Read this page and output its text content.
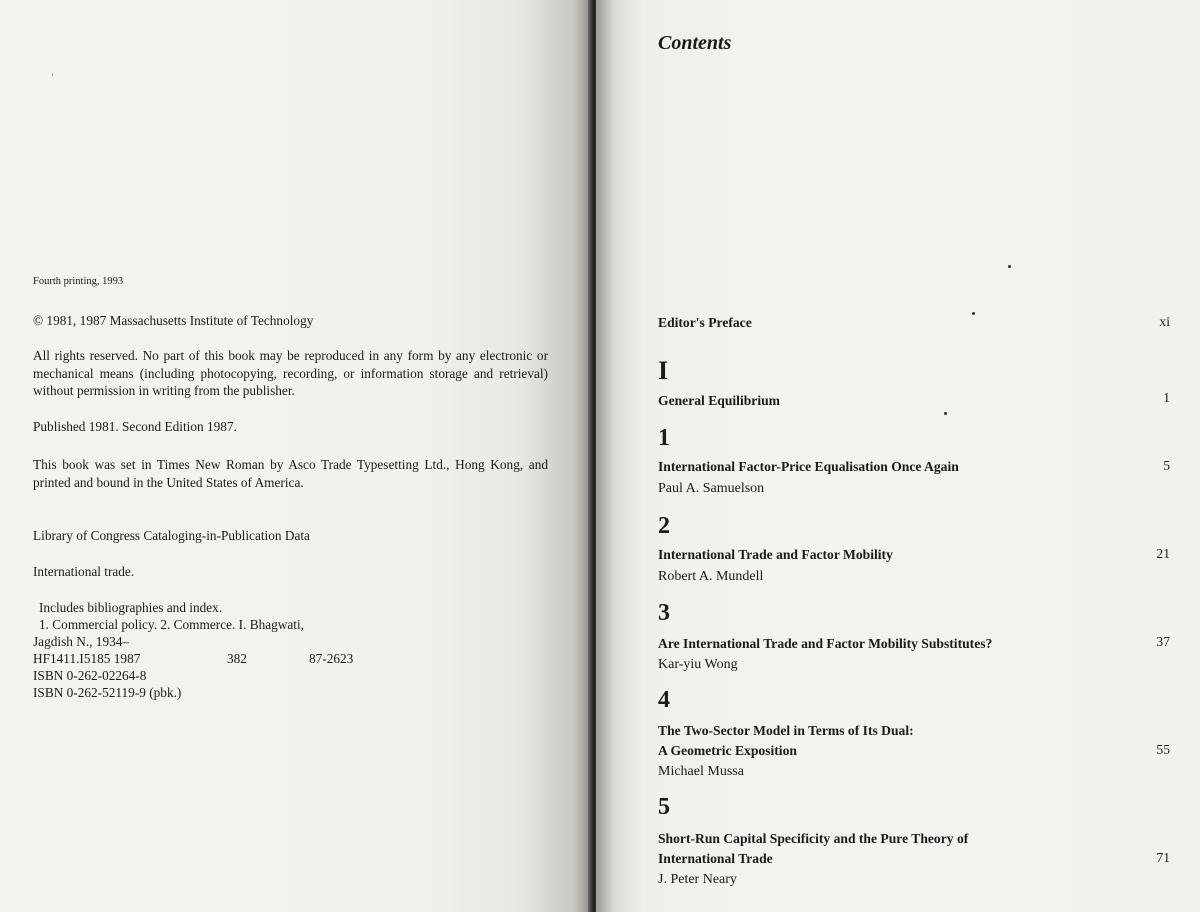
ꞌ
Fourth printing, 1993
© 1981, 1987 Massachusetts Institute of Technology
All rights reserved. No part of this book may be reproduced in any form by any electronic or mechanical means (including photocopying, recording, or information storage and retrieval) without permission in writing from the publisher.
Published 1981. Second Edition 1987.
This book was set in Times New Roman by Asco Trade Typesetting Ltd., Hong Kong, and printed and bound in the United States of America.
Library of Congress Cataloging-in-Publication Data
International trade.
Includes bibliographies and index.
1. Commercial policy. 2. Commerce. I. Bhagwati,
Jagdish N., 1934–
HF1411.I5185 1987	382	87-2623
ISBN 0-262-02264-8
ISBN 0-262-52119-9 (pbk.)
Contents
Editor's Preface	xi
I
General Equilibrium	1
1
International Factor-Price Equalisation Once Again	5
Paul A. Samuelson
2
International Trade and Factor Mobility	21
Robert A. Mundell
3
Are International Trade and Factor Mobility Substitutes?	37
Kar-yiu Wong
4
The Two-Sector Model in Terms of Its Dual:
A Geometric Exposition	55
Michael Mussa
5
Short-Run Capital Specificity and the Pure Theory of
International Trade	71
J. Peter Neary
